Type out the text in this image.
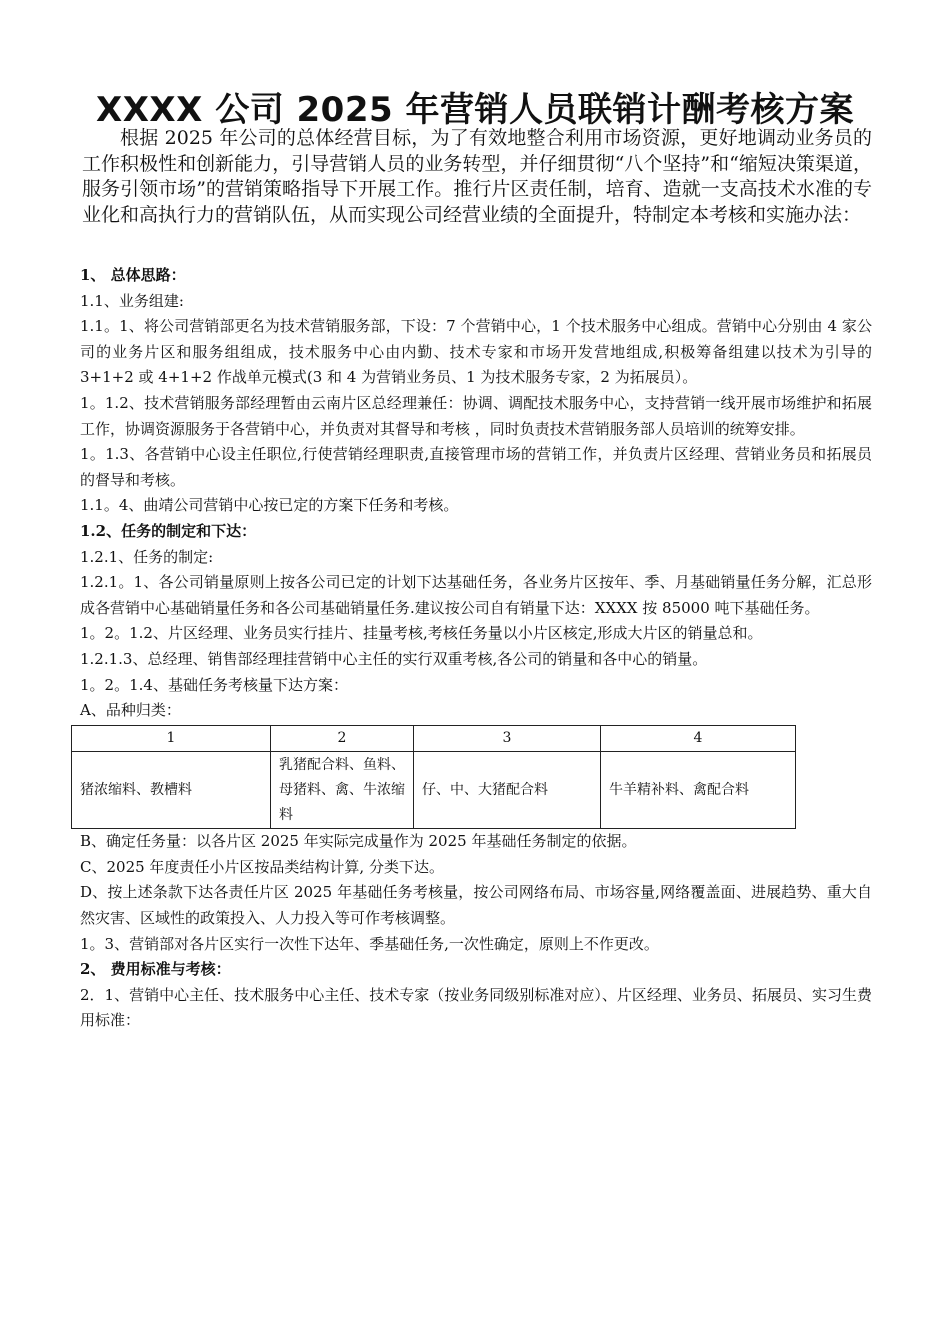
XXXX 公司 2025 年营销人员联销计酬考核方案

根据 2025 年公司的总体经营目标，为了有效地整合利用市场资源，更好地调动业务员的工作积极性和创新能力，引导营销人员的业务转型，并仔细贯彻“八个坚持”和“缩短决策渠道，服务引领市场”的营销策略指导下开展工作。推行片区责任制，培育、造就一支高技术水准的专业化和高执行力的营销队伍，从而实现公司经营业绩的全面提升，特制定本考核和实施办法：

1、 总体思路：

1.1、业务组建:

1.1。1、将公司营销部更名为技术营销服务部，下设：7 个营销中心，1 个技术服务中心组成。营销中心分别由 4 家公司的业务片区和服务组组成，技术服务中心由内勤、技术专家和市场开发营地组成,积极筹备组建以技术为引导的 3+1+2 或 4+1+2 作战单元模式(3 和 4 为营销业务员、1 为技术服务专家，2 为拓展员）。

1。1.2、技术营销服务部经理暂由云南片区总经理兼任：协调、调配技术服务中心，支持营销一线开展市场维护和拓展工作，协调资源服务于各营销中心，并负责对其督导和考核 ，同时负责技术营销服务部人员培训的统筹安排。

1。1.3、各营销中心设主任职位,行使营销经理职责,直接管理市场的营销工作，并负责片区经理、营销业务员和拓展员的督导和考核。

1.1。4、曲靖公司营销中心按已定的方案下任务和考核。

1.2、任务的制定和下达：

1.2.1、任务的制定:

1.2.1。1、各公司销量原则上按各公司已定的计划下达基础任务，各业务片区按年、季、月基础销量任务分解，汇总形成各营销中心基础销量任务和各公司基础销量任务.建议按公司自有销量下达：XXXX 按 85000 吨下基础任务。

1。2。1.2、片区经理、业务员实行挂片、挂量考核,考核任务量以小片区核定,形成大片区的销量总和。

1.2.1.3、总经理、销售部经理挂营销中心主任的实行双重考核,各公司的销量和各中心的销量。

1。2。1.4、基础任务考核量下达方案：

A、品种归类：

1	2	3	4
猪浓缩料、教槽料	乳猪配合料、鱼料、母猪料、禽、牛浓缩料	仔、中、大猪配合料	牛羊精补料、禽配合料

B、确定任务量：以各片区 2025 年实际完成量作为 2025 年基础任务制定的依据。

C、2025 年度责任小片区按品类结构计算, 分类下达。

D、按上述条款下达各责任片区 2025 年基础任务考核量，按公司网络布局、市场容量,网络覆盖面、进展趋势、重大自然灾害、区域性的政策投入、人力投入等可作考核调整。

1。3、营销部对各片区实行一次性下达年、季基础任务,一次性确定，原则上不作更改。

2、 费用标准与考核：

2．1、营销中心主任、技术服务中心主任、技术专家（按业务同级别标准对应）、片区经理、业务员、拓展员、实习生费用标准：
